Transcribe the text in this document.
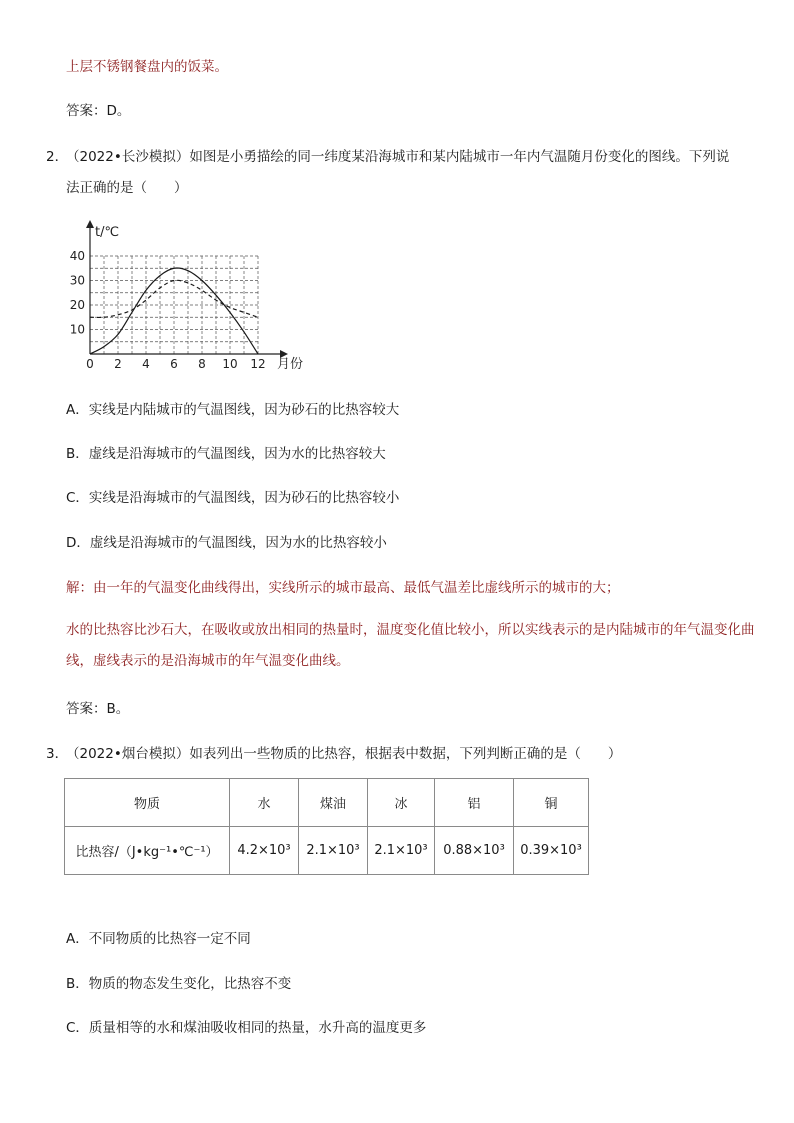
上层不锈钢餐盘内的饭菜。
答案：D。
2．
（2022•长沙模拟）如图是小勇描绘的同一纬度某沿海城市和某内陆城市一年内气温随月份变化的图线。下列说
法正确的是（　　）
0 2 4 6 8 10 12
10
20
30
40
t/℃
月份
A．实线是内陆城市的气温图线，因为砂石的比热容较大
B．虚线是沿海城市的气温图线，因为水的比热容较大
C．实线是沿海城市的气温图线，因为砂石的比热容较小
D．虚线是沿海城市的气温图线，因为水的比热容较小
解：由一年的气温变化曲线得出，实线所示的城市最高、最低气温差比虚线所示的城市的大；
水的比热容比沙石大，在吸收或放出相同的热量时，温度变化值比较小，所以实线表示的是内陆城市的年气温变化曲线，虚线表示的是沿海城市的年气温变化曲线。
答案：B。
3．
（2022•烟台模拟）如表列出一些物质的比热容，根据表中数据，下列判断正确的是（　　）
物质	水	煤油	冰	铝	铜
比热容/（J•kg⁻¹•℃⁻¹）	4.2×10³	2.1×10³	2.1×10³	0.88×10³	0.39×10³
A．不同物质的比热容一定不同
B．物质的物态发生变化，比热容不变
C．质量相等的水和煤油吸收相同的热量，水升高的温度更多
